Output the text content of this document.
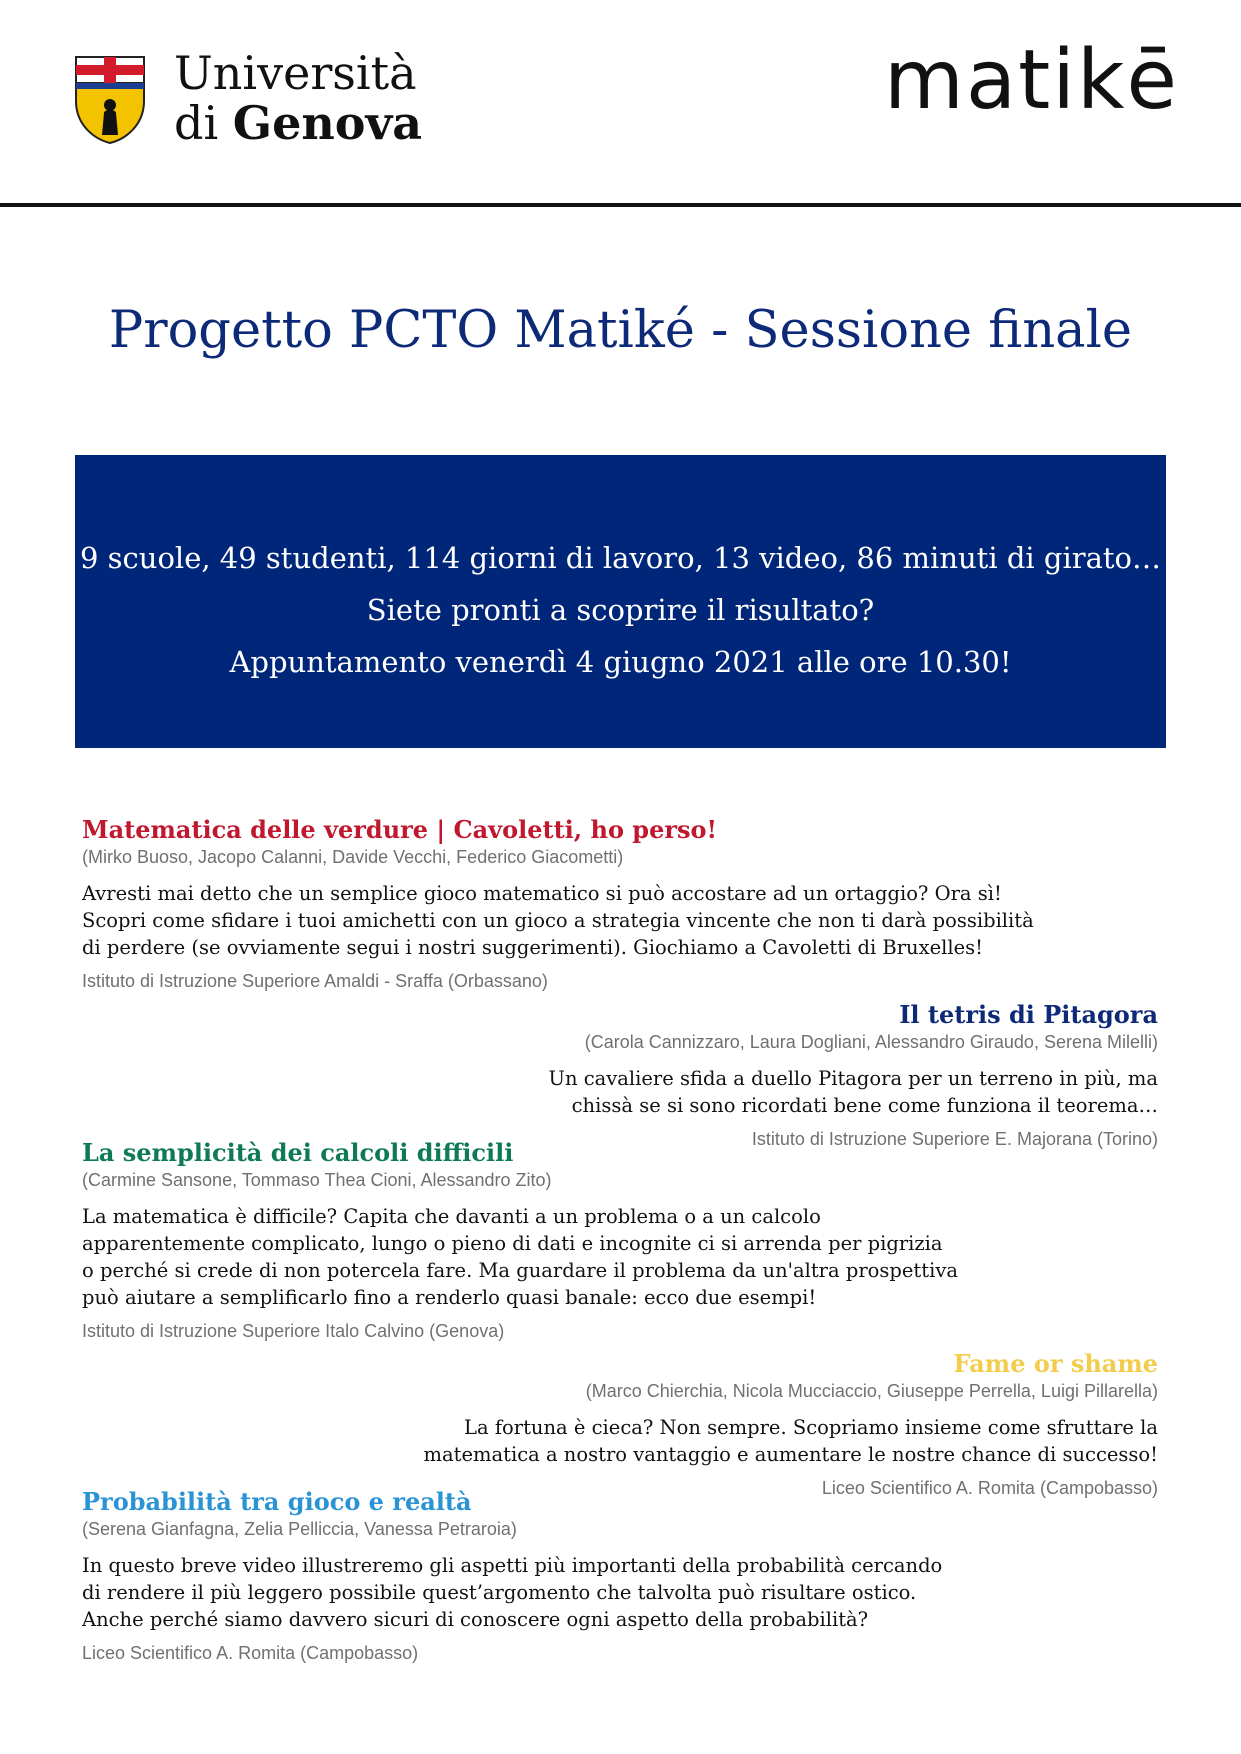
Università
di Genova	matikē
Progetto PCTO Matiké - Sessione finale
9 scuole, 49 studenti, 114 giorni di lavoro, 13 video, 86 minuti di girato…
Siete pronti a scoprire il risultato?
Appuntamento venerdì 4 giugno 2021 alle ore 10.30!
Matematica delle verdure | Cavoletti, ho perso!
(Mirko Buoso, Jacopo Calanni, Davide Vecchi, Federico Giacometti)
Avresti mai detto che un semplice gioco matematico si può accostare ad un ortaggio? Ora sì!
Scopri come sfidare i tuoi amichetti con un gioco a strategia vincente che non ti darà possibilità
di perdere (se ovviamente segui i nostri suggerimenti). Giochiamo a Cavoletti di Bruxelles!
Istituto di Istruzione Superiore Amaldi - Sraffa (Orbassano)
Il tetris di Pitagora
(Carola Cannizzaro, Laura Dogliani, Alessandro Giraudo, Serena Milelli)
Un cavaliere sfida a duello Pitagora per un terreno in più, ma
chissà se si sono ricordati bene come funziona il teorema…
Istituto di Istruzione Superiore E. Majorana (Torino)
La semplicità dei calcoli difficili
(Carmine Sansone, Tommaso Thea Cioni, Alessandro Zito)
La matematica è difficile? Capita che davanti a un problema o a un calcolo
apparentemente complicato, lungo o pieno di dati e incognite ci si arrenda per pigrizia
o perché si crede di non potercela fare. Ma guardare il problema da un'altra prospettiva
può aiutare a semplificarlo fino a renderlo quasi banale: ecco due esempi!
Istituto di Istruzione Superiore Italo Calvino (Genova)
Fame or shame
(Marco Chierchia, Nicola Mucciaccio, Giuseppe Perrella, Luigi Pillarella)
La fortuna è cieca? Non sempre. Scopriamo insieme come sfruttare la
matematica a nostro vantaggio e aumentare le nostre chance di successo!
Liceo Scientifico A. Romita (Campobasso)
Probabilità tra gioco e realtà
(Serena Gianfagna, Zelia Pelliccia, Vanessa Petraroia)
In questo breve video illustreremo gli aspetti più importanti della probabilità cercando
di rendere il più leggero possibile quest’argomento che talvolta può risultare ostico.
Anche perché siamo davvero sicuri di conoscere ogni aspetto della probabilità?
Liceo Scientifico A. Romita (Campobasso)
